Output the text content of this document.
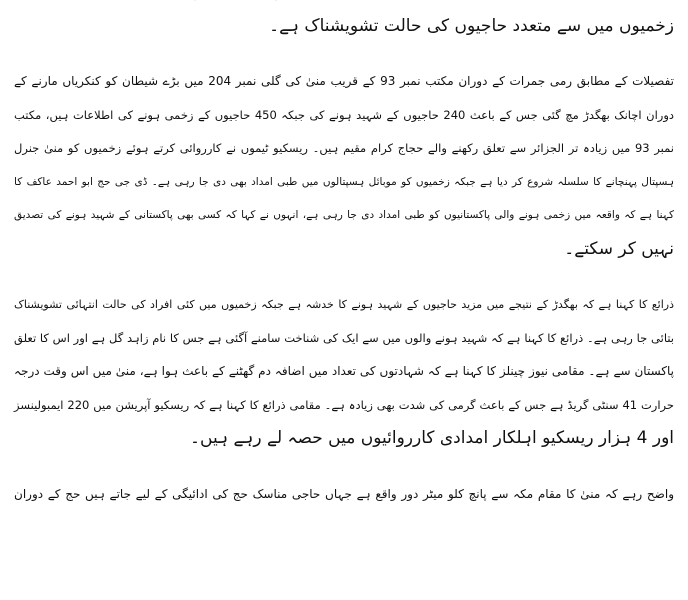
زخمیوں میں سے متعدد حاجیوں کی حالت تشویشناک ہے۔
تفصیلات کے مطابق رمی جمرات کے دوران مکتب نمبر 93 کے قریب منیٰ کی گلی نمبر 204 میں بڑے شیطان کو کنکریاں مارنے کے
دوران اچانک بھگدڑ مچ گئی جس کے باعث 240 حاجیوں کے شہید ہونے کی جبکہ 450 حاجیوں کے زخمی ہونے کی اطلاعات ہیں، مکتب
نمبر 93 میں زیادہ تر الجزائر سے تعلق رکھنے والے حجاج کرام مقیم ہیں۔ ریسکیو ٹیموں نے کارروائی کرتے ہوئے زخمیوں کو منیٰ جنرل
ہسپتال پہنچانے کا سلسلہ شروع کر دیا ہے جبکہ زخمیوں کو موبائل ہسپتالوں میں طبی امداد بھی دی جا رہی ہے۔ ڈی جی حج ابو احمد عاکف کا
کہنا ہے کہ واقعہ میں زخمی ہونے والی پاکستانیوں کو طبی امداد دی جا رہی ہے، انہوں نے کہا کہ کسی بھی پاکستانی کے شہید ہونے کی تصدیق
نہیں کر سکتے۔
ذرائع کا کہنا ہے کہ بھگدڑ کے نتیجے میں مزید حاجیوں کے شہید ہونے کا خدشہ ہے جبکہ زخمیوں میں کئی افراد کی حالت انتہائی تشویشناک
بتائی جا رہی ہے۔ ذرائع کا کہنا ہے کہ شہید ہونے والوں میں سے ایک کی شناخت سامنے آگئی ہے جس کا نام زاہد گل ہے اور اس کا تعلق
پاکستان سے ہے۔ مقامی نیوز چینلز کا کہنا ہے کہ شہادتوں کی تعداد میں اضافہ دم گھٹنے کے باعث ہوا ہے، منیٰ میں اس وقت درجہ
حرارت 41 سنٹی گریڈ ہے جس کے باعث گرمی کی شدت بھی زیادہ ہے۔ مقامی ذرائع کا کہنا ہے کہ ریسکیو آپریشن میں 220 ایمبولینسز
اور 4 ہزار ریسکیو اہلکار امدادی کارروائیوں میں حصہ لے رہے ہیں۔
واضح رہے کہ منیٰ کا مقام مکہ سے پانچ کلو میٹر دور واقع ہے جہاں حاجی مناسک حج کی ادائیگی کے لیے جاتے ہیں حج کے دوران
